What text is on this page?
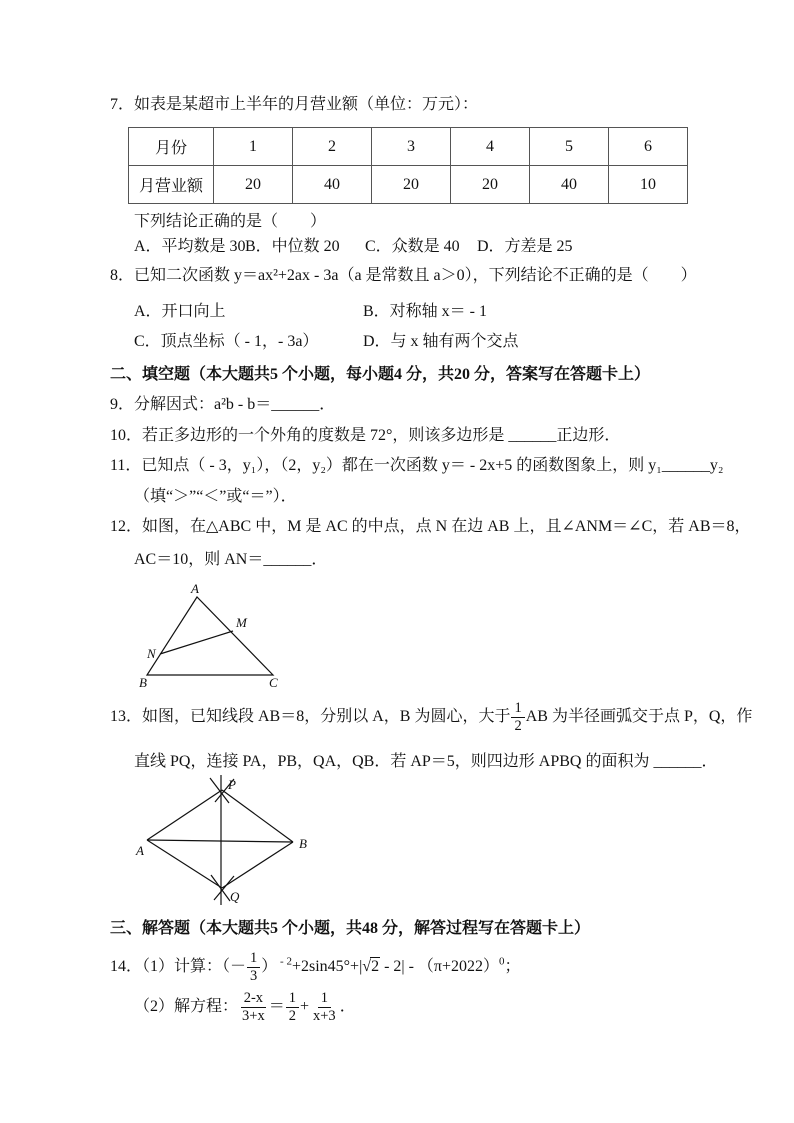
7．如表是某超市上半年的月营业额（单位：万元）：
月份	1	2	3	4	5	6
月营业额	20	40	20	20	40	10
下列结论正确的是（　　）
A．平均数是 30 B．中位数 20 C．众数是 40 D．方差是 25
8．已知二次函数 y＝ax²+2ax - 3a（a 是常数且 a＞0），下列结论不正确的是（　　）
A．开口向上	B．对称轴 x＝ - 1
C．顶点坐标（ - 1，- 3a）	D．与 x 轴有两个交点
二、填空题（本大题共5 个小题，每小题4 分，共20 分，答案写在答题卡上）
9．分解因式：a²b - b＝______．
10．若正多边形的一个外角的度数是 72°，则该多边形是 ______正边形．
11．已知点（ - 3，y₁），（2，y₂）都在一次函数 y＝ - 2x+5 的函数图象上，则 y₁______y₂
（填“＞”“＜”或“＝”）．
12．如图，在△ABC 中，M 是 AC 的中点，点 N 在边 AB 上，且∠ANM＝∠C，若 AB＝8，
AC＝10，则 AN＝______．
A
B	C
M
N
13．如图，已知线段 AB＝8，分别以 A，B 为圆心，大于 $\frac{1}{2}$ AB 为半径画弧交于点 P，Q，作
直线 PQ，连接 PA，PB，QA，QB．若 AP＝5，则四边形 APBQ 的面积为 ______．
P
A	B
Q
三、解答题（本大题共5 个小题，共48 分，解答过程写在答题卡上）
14．（1）计算：（－ $\frac{1}{3}$ ） $^{- 2}+2\sin 45^\circ+|√2 - 2| - (\pi+2022)^0$；
（2）解方程： $\frac{2-x}{3+x} = \frac{1}{2} + \frac{1}{x+3}$ ．
